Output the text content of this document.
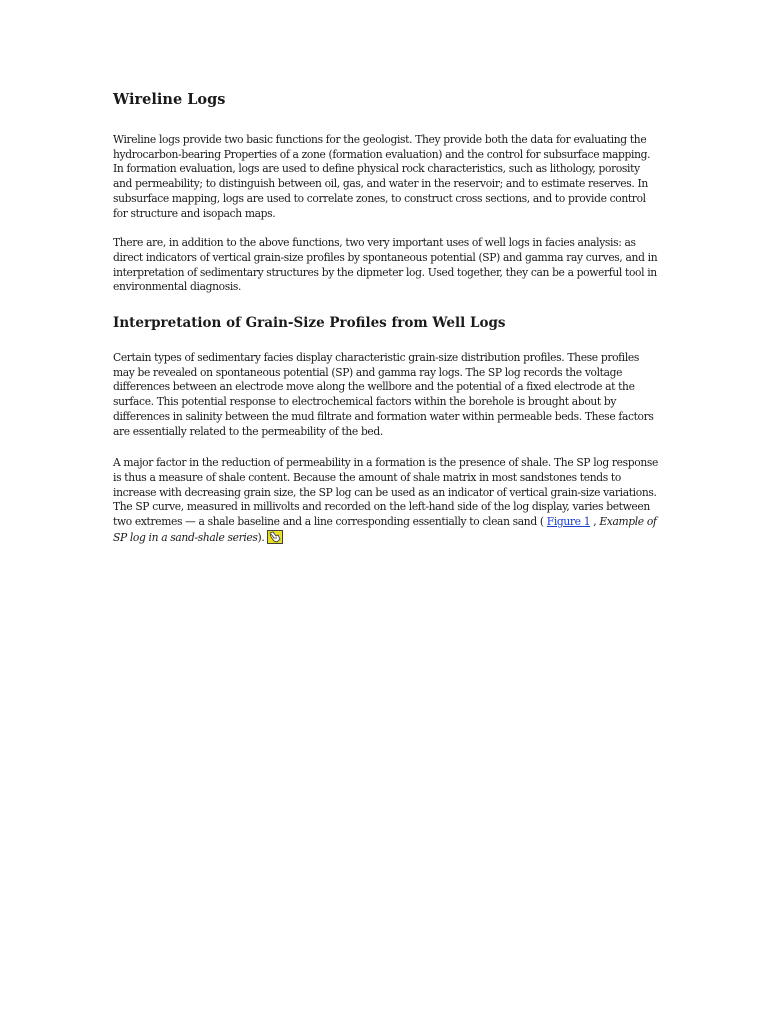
Wireline Logs

Wireline logs provide two basic functions for the geologist. They provide both the data for evaluating the hydrocarbon-bearing Properties of a zone (formation evaluation) and the control for subsurface mapping. In formation evaluation, logs are used to define physical rock characteristics, such as lithology, porosity and permeability; to distinguish between oil, gas, and water in the reservoir; and to estimate reserves. In subsurface mapping, logs are used to correlate zones, to construct cross sections, and to provide control for structure and isopach maps.

There are, in addition to the above functions, two very important uses of well logs in facies analysis: as direct indicators of vertical grain-size profiles by spontaneous potential (SP) and gamma ray curves, and in interpretation of sedimentary structures by the dipmeter log. Used together, they can be a powerful tool in environmental diagnosis.

Interpretation of Grain-Size Profiles from Well Logs

Certain types of sedimentary facies display characteristic grain-size distribution profiles. These profiles may be revealed on spontaneous potential (SP) and gamma ray logs. The SP log records the voltage differences between an electrode move along the wellbore and the potential of a fixed electrode at the surface. This potential response to electrochemical factors within the borehole is brought about by differences in salinity between the mud filtrate and formation water within permeable beds. These factors are essentially related to the permeability of the bed.

A major factor in the reduction of permeability in a formation is the presence of shale. The SP log response is thus a measure of shale content. Because the amount of shale matrix in most sandstones tends to increase with decreasing grain size, the SP log can be used as an indicator of vertical grain-size variations. The SP curve, measured in millivolts and recorded on the left-hand side of the log display, varies between two extremes — a shale baseline and a line corresponding essentially to clean sand ( Figure 1 , Example of SP log in a sand-shale series).
